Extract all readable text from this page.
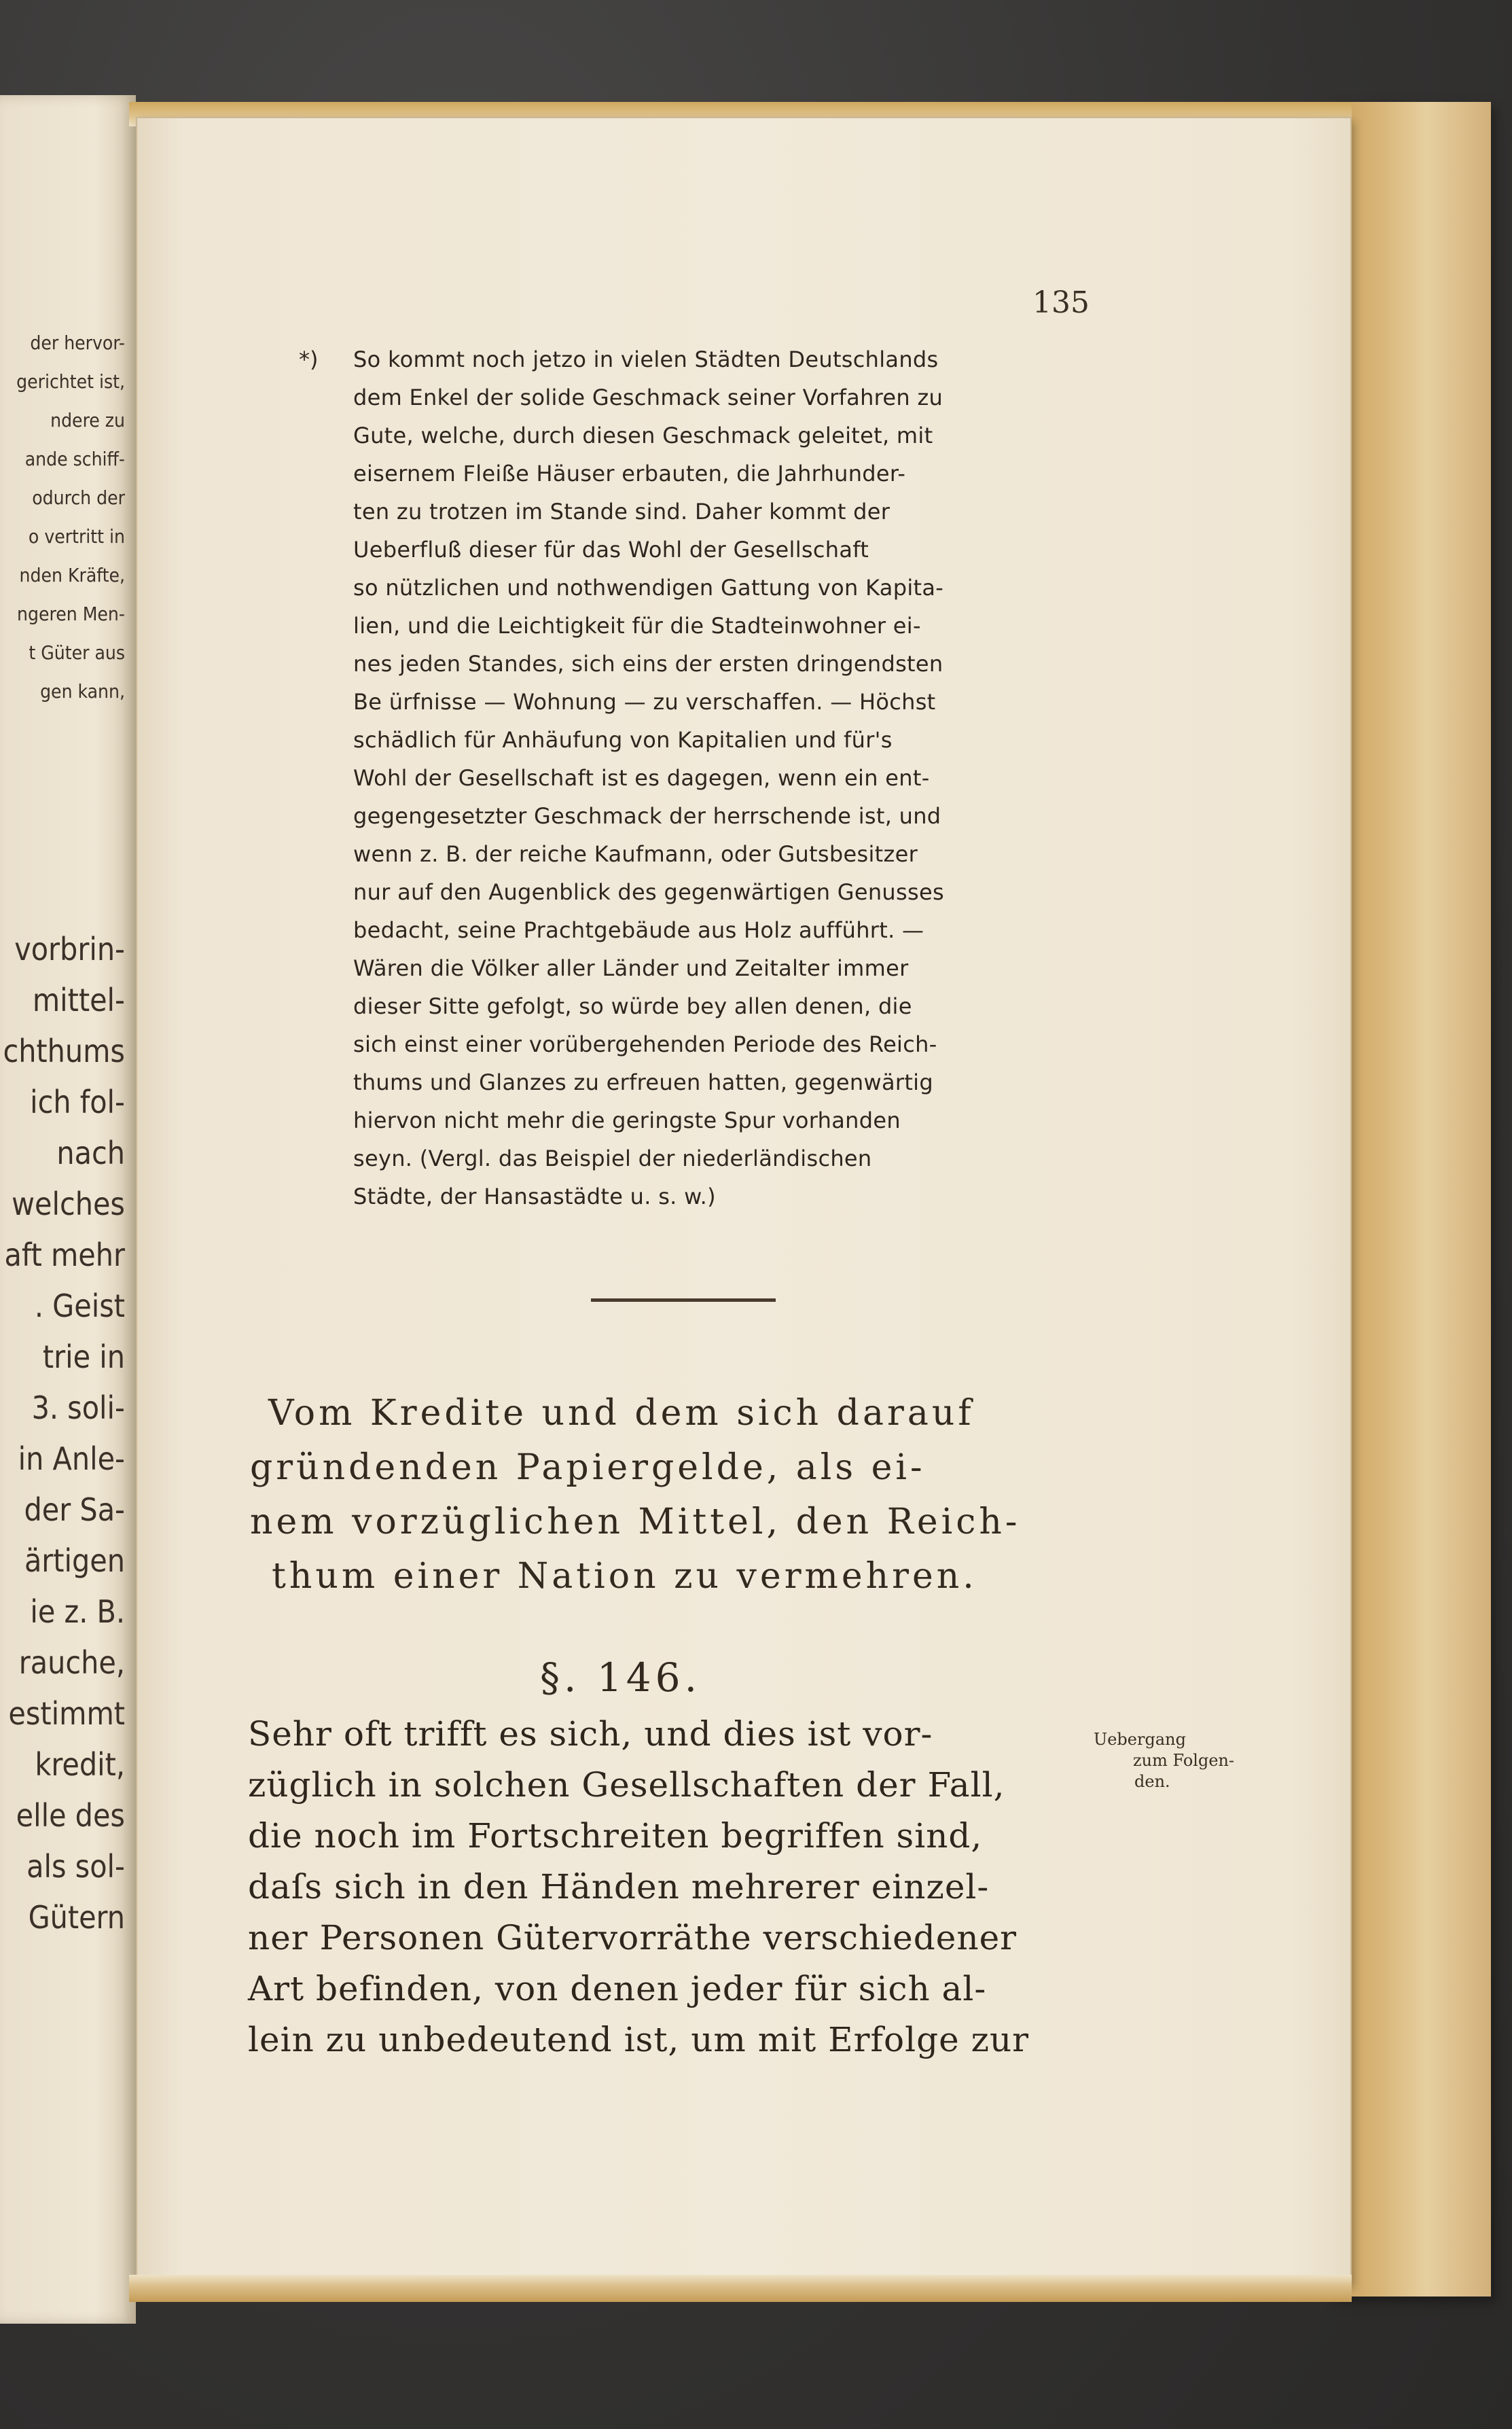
der hervor-
gerichtet ist,
ndere zu
ande schiff-
odurch der
o vertritt in
nden Kräfte,
ngeren Men-
t Güter aus
gen kann,
vorbrin-
mittel-
chthums
ich fol-
nach
welches
aft mehr
. Geist
trie in
3. soli-
in Anle-
der Sa-
ärtigen
ie z. B.
rauche,
estimmt
kredit,
elle des
als sol-
Gütern
135
*) So kommt noch jetzo in vielen Städten Deutschlands
dem Enkel der solide Geschmack seiner Vorfahren zu
Gute, welche, durch diesen Geschmack geleitet, mit
eisernem Fleiße Häuser erbauten, die Jahrhunder-
ten zu trotzen im Stande sind. Daher kommt der
Ueberfluß dieser für das Wohl der Gesellschaft
so nützlichen und nothwendigen Gattung von Kapita-
lien, und die Leichtigkeit für die Stadteinwohner ei-
nes jeden Standes, sich eins der ersten dringendsten
Be ürfnisse — Wohnung — zu verschaffen. — Höchst
schädlich für Anhäufung von Kapitalien und für's
Wohl der Gesellschaft ist es dagegen, wenn ein ent-
gegengesetzter Geschmack der herrschende ist, und
wenn z. B. der reiche Kaufmann, oder Gutsbesitzer
nur auf den Augenblick des gegenwärtigen Genusses
bedacht, seine Prachtgebäude aus Holz aufführt. —
Wären die Völker aller Länder und Zeitalter immer
dieser Sitte gefolgt, so würde bey allen denen, die
sich einst einer vorübergehenden Periode des Reich-
thums und Glanzes zu erfreuen hatten, gegenwärtig
hiervon nicht mehr die geringste Spur vorhanden
seyn. (Vergl. das Beispiel der niederländischen
Städte, der Hansastädte u. s. w.)
Vom Kredite und dem sich darauf
gründenden Papiergelde, als ei-
nem vorzüglichen Mittel, den Reich-
thum einer Nation zu vermehren.
§. 146.
Sehr oft trifft es sich, und dies ist vor-
züglich in solchen Gesellschaften der Fall,
die noch im Fortschreiten begriffen sind,
daſs sich in den Händen mehrerer einzel-
ner Personen Gütervorräthe verschiedener
Art befinden, von denen jeder für sich al-
lein zu unbedeutend ist, um mit Erfolge zur
Uebergang
zum Folgen-
den.
